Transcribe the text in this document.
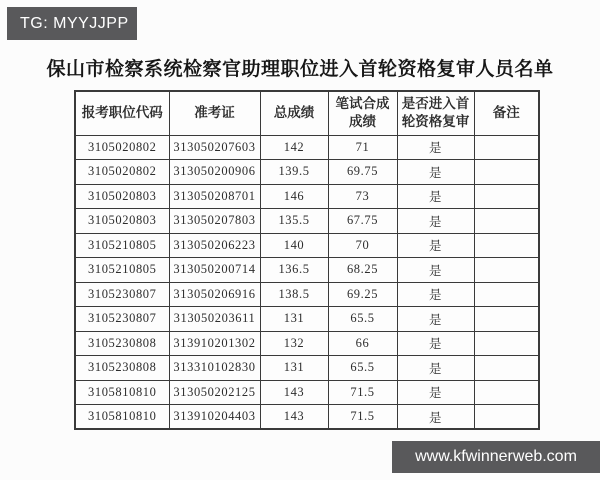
TG: MYYJJPP
保山市检察系统检察官助理职位进入首轮资格复审人员名单
报考职位代码	准考证	总成绩	笔试合成成绩	是否进入首轮资格复审	备注
3105020802	313050207603	142	71	是	
3105020802	313050200906	139.5	69.75	是	
3105020803	313050208701	146	73	是	
3105020803	313050207803	135.5	67.75	是	
3105210805	313050206223	140	70	是	
3105210805	313050200714	136.5	68.25	是	
3105230807	313050206916	138.5	69.25	是	
3105230807	313050203611	131	65.5	是	
3105230808	313910201302	132	66	是	
3105230808	313310102830	131	65.5	是	
3105810810	313050202125	143	71.5	是	
3105810810	313910204403	143	71.5	是	
www.kfwinnerweb.com
